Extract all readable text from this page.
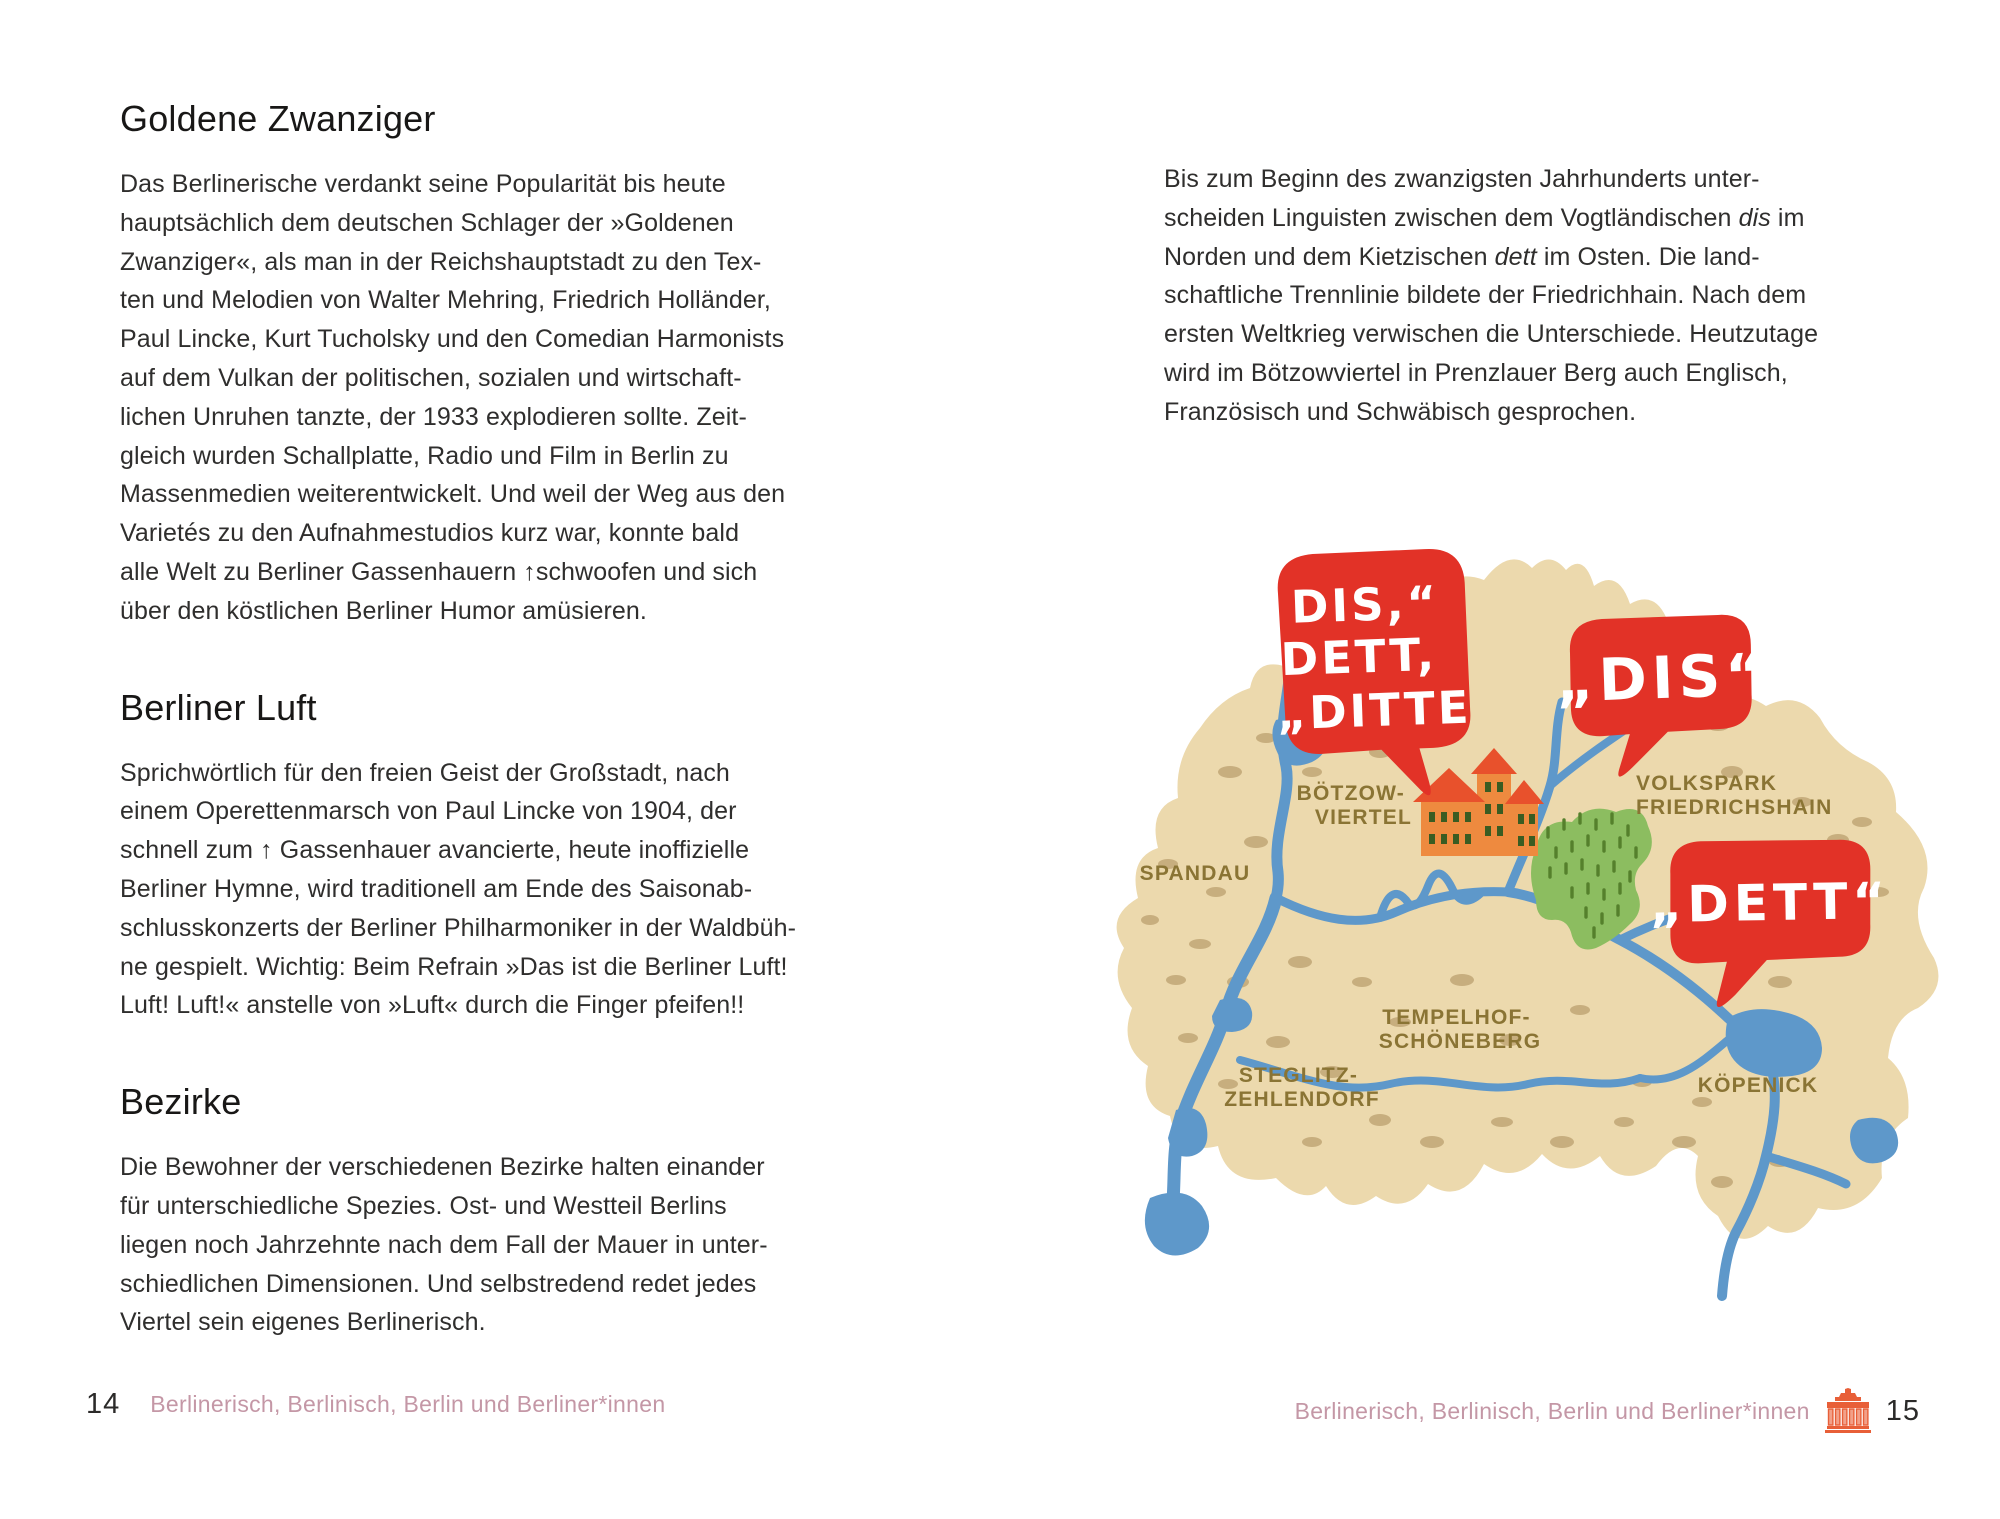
Goldene Zwanziger

Das Berlinerische verdankt seine Popularität bis heute
hauptsächlich dem deutschen Schlager der »Goldenen
Zwanziger«, als man in der Reichshauptstadt zu den Tex-
ten und Melodien von Walter Mehring, Friedrich Holländer,
Paul Lincke, Kurt Tucholsky und den Comedian Harmonists
auf dem Vulkan der politischen, sozialen und wirtschaft-
lichen Unruhen tanzte, der 1933 explodieren sollte. Zeit-
gleich wurden Schallplatte, Radio und Film in Berlin zu
Massenmedien weiterentwickelt. Und weil der Weg aus den
Varietés zu den Aufnahmestudios kurz war, konnte bald
alle Welt zu Berliner Gassenhauern ↑schwoofen und sich
über den köstlichen Berliner Humor amüsieren.

Berliner Luft

Sprichwörtlich für den freien Geist der Großstadt, nach
einem Operettenmarsch von Paul Lincke von 1904, der
schnell zum ↑ Gassenhauer avancierte, heute inoffizielle
Berliner Hymne, wird traditionell am Ende des Saisonab-
schlusskonzerts der Berliner Philharmoniker in der Waldbüh-
ne gespielt. Wichtig: Beim Refrain »Das ist die Berliner Luft!
Luft! Luft!« anstelle von »Luft« durch die Finger pfeifen!!

Bezirke

Die Bewohner der verschiedenen Bezirke halten einander
für unterschiedliche Spezies. Ost- und Westteil Berlins
liegen noch Jahrzehnte nach dem Fall der Mauer in unter-
schiedlichen Dimensionen. Und selbstredend redet jedes
Viertel sein eigenes Berlinerisch.

14 Berlinerisch, Berlinisch, Berlin und Berliner*innen

Bis zum Beginn des zwanzigsten Jahrhunderts unter-
scheiden Linguisten zwischen dem Vogtländischen dis im
Norden und dem Kietzischen dett im Osten. Die land-
schaftliche Trennlinie bildete der Friedrichhain. Nach dem
ersten Weltkrieg verwischen die Unterschiede. Heutzutage
wird im Bötzowviertel in Prenzlauer Berg auch Englisch,
Französisch und Schwäbisch gesprochen.

SPANDAU
BÖTZOW- VIERTEL
VOLKSPARK FRIEDRICHSHAIN
TEMPELHOF- SCHÖNEBERG
STEGLITZ- ZEHLENDORF
KÖPENICK
DIS,“ DETT, „DITTE „DIS“
„DETT“
Berlinerisch, Berlinisch, Berlin und Berliner*innen	15
